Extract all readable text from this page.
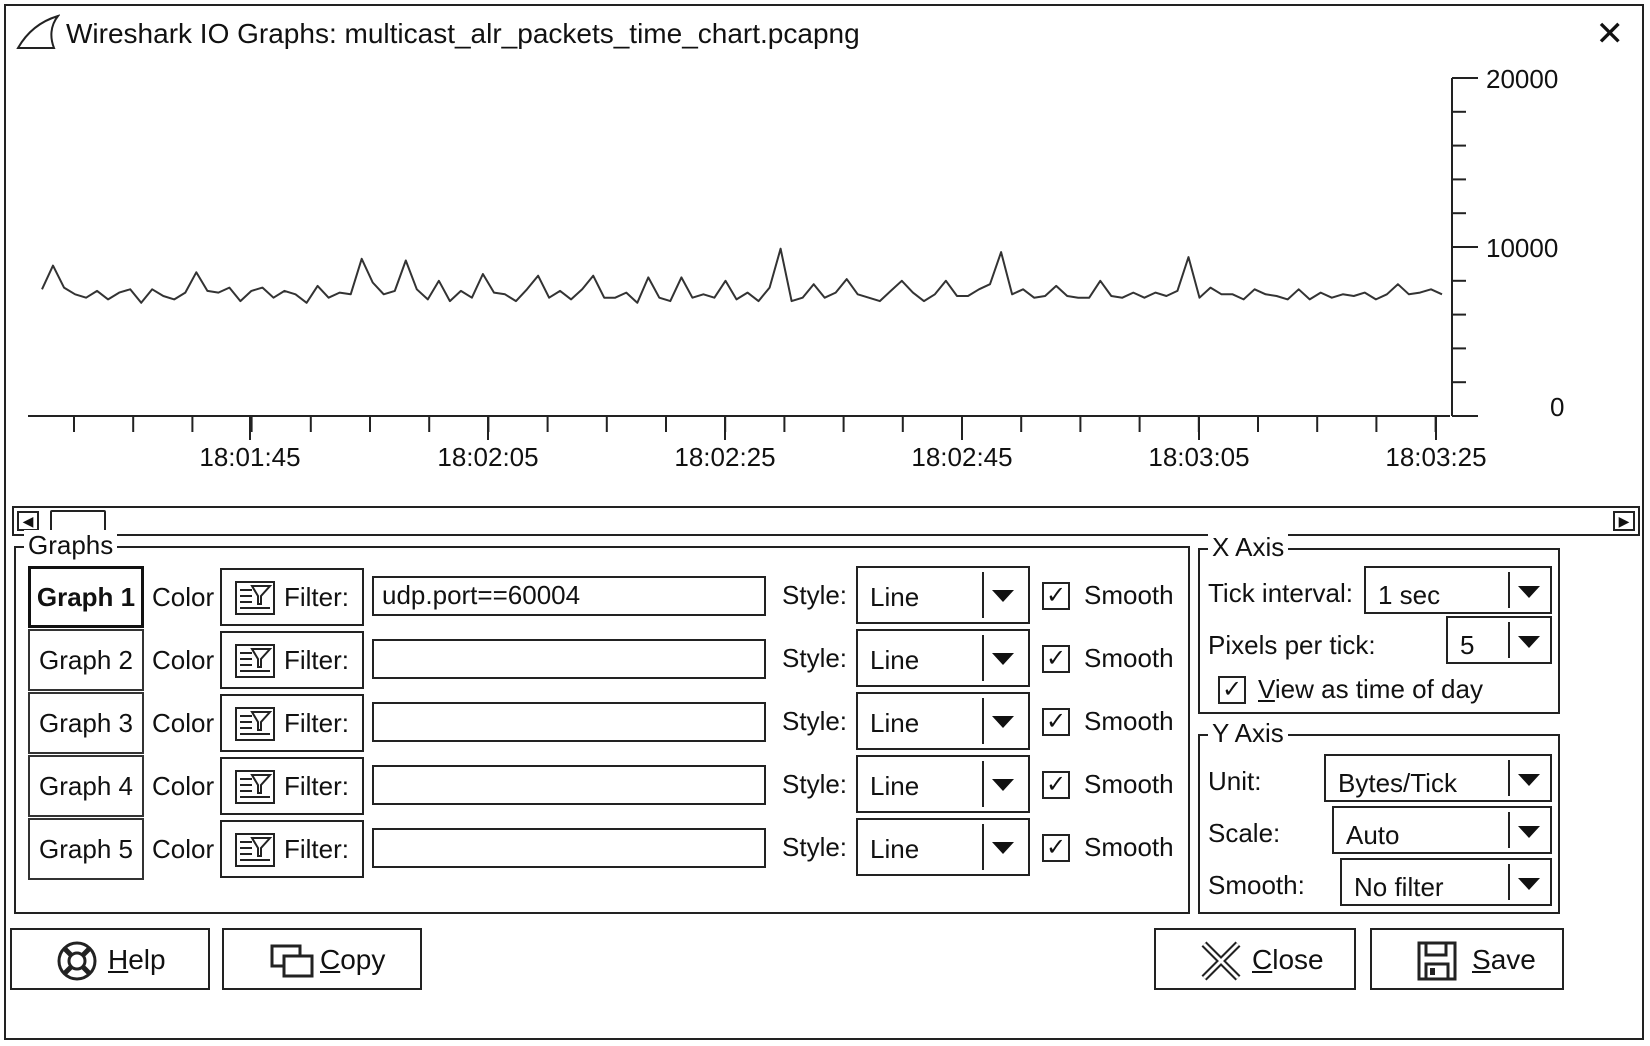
Wireshark IO Graphs: multicast_alr_packets_time_chart.pcapng	✕
18:01:45	18:02:05	18:02:25	18:02:45	18:03:05	18:03:25
20000
10000
0
◀	▶
Graphs
Graph 1 Color	Filter:	udp.port==60004	Style: Line	✓ Smooth
Graph 2 Color	Filter:	Style: Line	✓ Smooth
Graph 3 Color	Filter:	Style: Line	✓ Smooth
Graph 4 Color	Filter:	Style: Line	✓ Smooth
Graph 5 Color	Filter:	Style: Line	✓ Smooth
X Axis
Tick interval: 1 sec
Pixels per tick:	5
✓ View as time of day
Y Axis
Unit:	Bytes/Tick
Scale:	Auto
Smooth: No filter
Help	Copy	Close	Save
